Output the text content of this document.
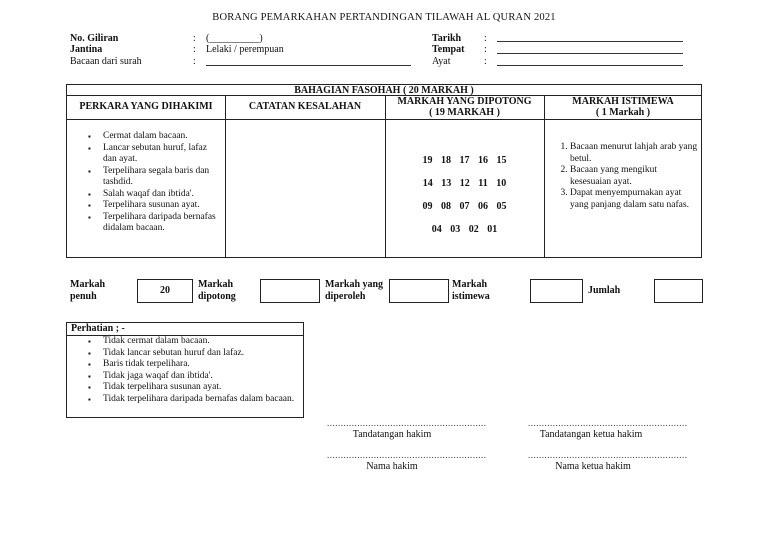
BORANG PEMARKAHAN PERTANDINGAN TILAWAH AL QURAN 2021
No. Giliran
Jantina
Bacaan dari surah
:
:
:
(__________)
Lelaki / perempuan
Tarikh
Tempat
Ayat
:
:
:
BAHAGIAN FASOHAH ( 20 MARKAH )
PERKARA YANG DIHAKIMI	CATATAN KESALAHAN	MARKAH YANG DIPOTONG
( 19 MARKAH )
MARKAH ISTIMEWA
( 1 Markah )
▪ Cermat dalam bacaan.
▪ Lancar sebutan huruf, lafaz dan ayat.
▪ Terpelihara segala baris dan tashdid.
▪ Salah waqaf dan ibtida'.
▪ Terpelihara susunan ayat.
▪ Terpelihara daripada bernafas didalam bacaan.
19 18 17 16 15
14 13 12 11 10
09 08 07 06 05
04 03 02 01
1. Bacaan menurut lahjah arab yang betul.
2. Bacaan yang mengikut kesesuaian ayat.
3. Dapat menyempurnakan ayat yang panjang dalam satu nafas.
Markah
penuh
20
Markah
dipotong
Markah yang
diperoleh
Markah
istimewa
Jumlah
Perhatian ; -
▪ Tidak cermat dalam bacaan.
▪ Tidak lancar sebutan huruf dan lafaz.
▪ Baris tidak terpelihara.
▪ Tidak jaga waqaf dan ibtida'.
▪ Tidak terpelihara susunan ayat.
▪ Tidak terpelihara daripada bernafas dalam bacaan.
..........................................................
Tandatangan hakim
..........................................................
Tandatangan ketua hakim
..........................................................
Nama hakim
..........................................................
Nama ketua hakim
